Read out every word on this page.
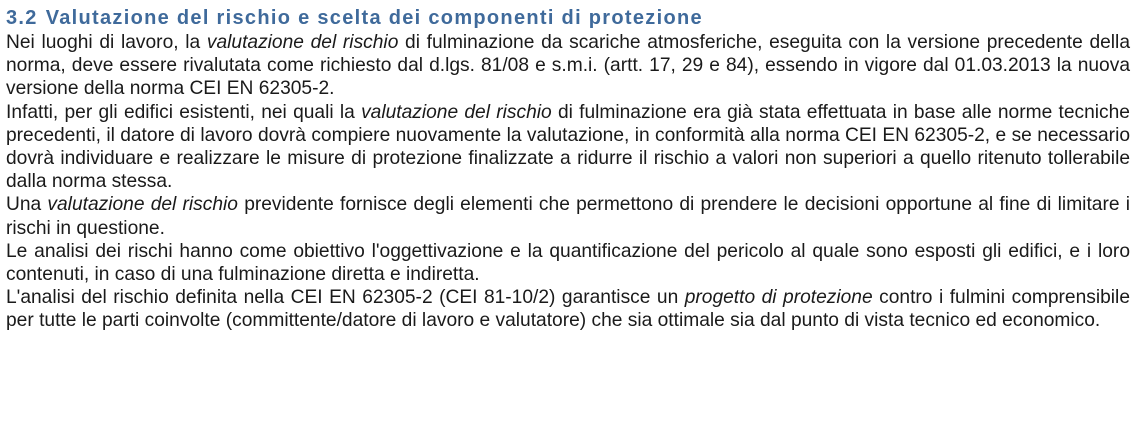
3.2 Valutazione del rischio e scelta dei componenti di protezione

Nei luoghi di lavoro, la valutazione del rischio di fulminazione da scariche atmosferiche, eseguita con la versione precedente della norma, deve essere rivalutata come richiesto dal d.lgs. 81/08 e s.m.i. (artt. 17, 29 e 84), essendo in vigore dal 01.03.2013 la nuova versione della norma CEI EN 62305-2.

Infatti, per gli edifici esistenti, nei quali la valutazione del rischio di fulminazione era già stata effettuata in base alle norme tecniche precedenti, il datore di lavoro dovrà compiere nuovamente la valutazione, in conformità alla norma CEI EN 62305-2, e se necessario dovrà individuare e realizzare le misure di protezione finalizzate a ridurre il rischio a valori non superiori a quello ritenuto tollerabile dalla norma stessa.

Una valutazione del rischio previdente fornisce degli elementi che permettono di prendere le decisioni opportune al fine di limitare i rischi in questione.

Le analisi dei rischi hanno come obiettivo l'oggettivazione e la quantificazione del pericolo al quale sono esposti gli edifici, e i loro contenuti, in caso di una fulminazione diretta e indiretta.

L'analisi del rischio definita nella CEI EN 62305-2 (CEI 81-10/2) garantisce un progetto di protezione contro i fulmini comprensibile per tutte le parti coinvolte (committente/datore di lavoro e valutatore) che sia ottimale sia dal punto di vista tecnico ed economico.
